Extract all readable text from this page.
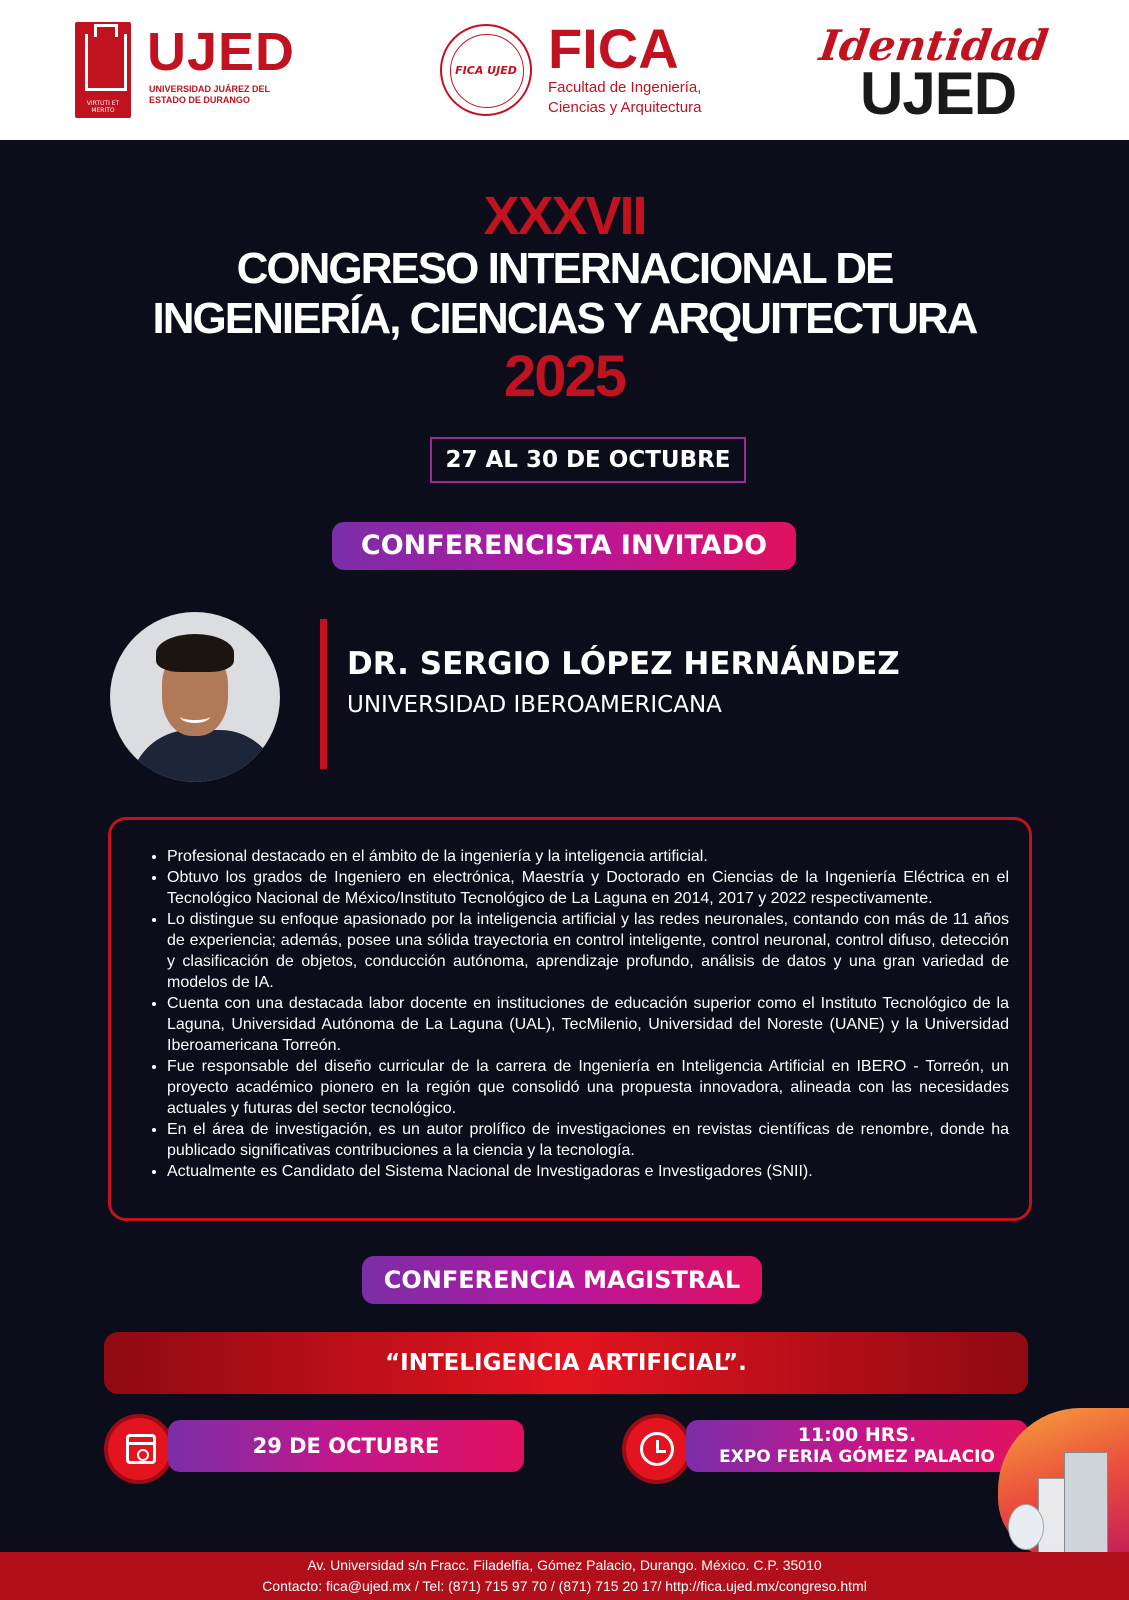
VIRTUTI ET MERITO
UJED
UNIVERSIDAD JUÁREZ DEL ESTADO DE DURANGO
FICA UJED FICA
Facultad de Ingeniería,
Ciencias y Arquitectura
Identidad
UJED
XXXVII
CONGRESO INTERNACIONAL DE
INGENIERÍA, CIENCIAS Y ARQUITECTURA
2025
27 AL 30 DE OCTUBRE
CONFERENCISTA INVITADO
DR. SERGIO LÓPEZ HERNÁNDEZ
UNIVERSIDAD IBEROAMERICANA
• Profesional destacado en el ámbito de la ingeniería y la inteligencia artificial.
• Obtuvo los grados de Ingeniero en electrónica, Maestría y Doctorado en Ciencias de la Ingeniería Eléctrica en el Tecnológico Nacional de México/Instituto Tecnológico de La Laguna en 2014, 2017 y 2022 respectivamente.
• Lo distingue su enfoque apasionado por la inteligencia artificial y las redes neuronales, contando con más de 11 años de experiencia; además, posee una sólida trayectoria en control inteligente, control neuronal, control difuso, detección y clasificación de objetos, conducción autónoma, aprendizaje profundo, análisis de datos y una gran variedad de modelos de IA.
• Cuenta con una destacada labor docente en instituciones de educación superior como el Instituto Tecnológico de la Laguna, Universidad Autónoma de La Laguna (UAL), TecMilenio, Universidad del Noreste (UANE) y la Universidad Iberoamericana Torreón.
• Fue responsable del diseño curricular de la carrera de Ingeniería en Inteligencia Artificial en IBERO - Torreón, un proyecto académico pionero en la región que consolidó una propuesta innovadora, alineada con las necesidades actuales y futuras del sector tecnológico.
• En el área de investigación, es un autor prolífico de investigaciones en revistas científicas de renombre, donde ha publicado significativas contribuciones a la ciencia y la tecnología.
• Actualmente es Candidato del Sistema Nacional de Investigadoras e Investigadores (SNII).
CONFERENCIA MAGISTRAL
“INTELIGENCIA ARTIFICIAL”.
29 DE OCTUBRE	11:00 HRS.
EXPO FERIA GÓMEZ PALACIO
Av. Universidad s/n Fracc. Filadelfia, Gómez Palacio, Durango. México. C.P. 35010
Contacto: fica@ujed.mx / Tel: (871) 715 97 70 / (871) 715 20 17/ http://fica.ujed.mx/congreso.html
